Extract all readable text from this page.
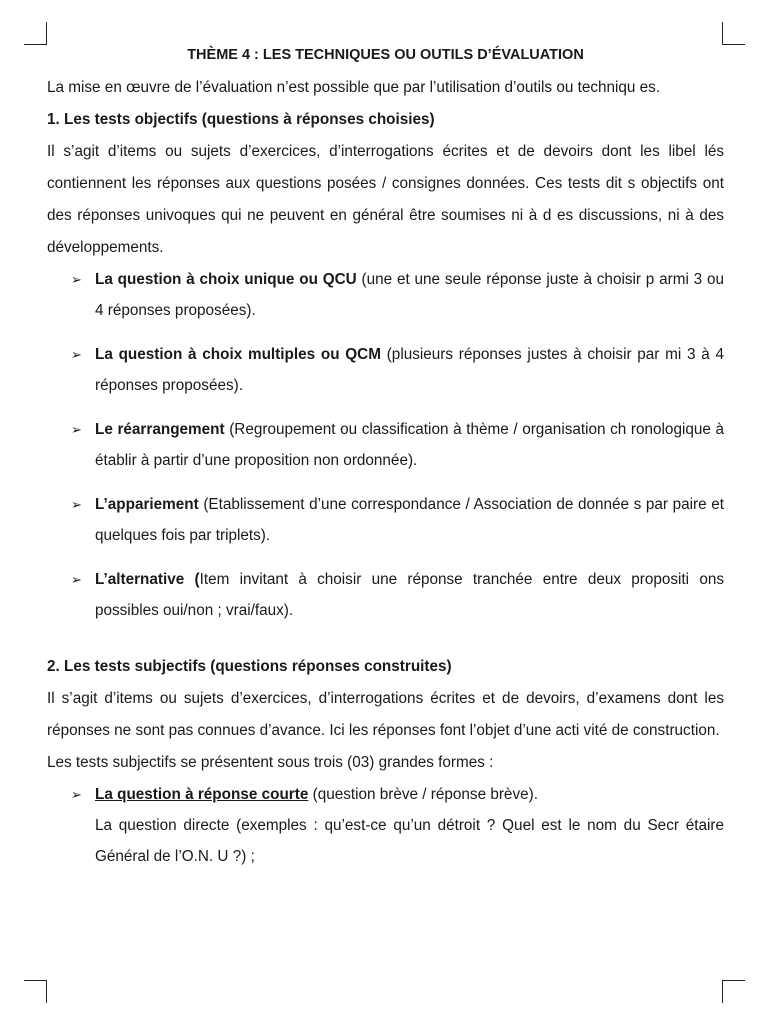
THÈME 4 : LES TECHNIQUES OU OUTILS D’ÉVALUATION

La mise en œuvre de l’évaluation n’est possible que par l’utilisation d’outils ou techniqu es.

1. Les tests objectifs (questions à réponses choisies)

Il s’agit d’items ou sujets d’exercices, d’interrogations écrites et de devoirs dont les libel lés contiennent les réponses aux questions posées / consignes données. Ces tests dit s objectifs ont des réponses univoques qui ne peuvent en général être soumises ni à d es discussions, ni à des développements.

➢ La question à choix unique ou QCU (une et une seule réponse juste à choisir p armi 3 ou 4 réponses proposées).
➢ La question à choix multiples ou QCM (plusieurs réponses justes à choisir par mi 3 à 4 réponses proposées).
➢ Le réarrangement (Regroupement ou classification à thème / organisation ch ronologique à établir à partir d’une proposition non ordonnée).
➢ L’appariement (Etablissement d’une correspondance / Association de donnée s par paire et quelques fois par triplets).
➢ L’alternative (Item invitant à choisir une réponse tranchée entre deux propositi ons possibles oui/non ; vrai/faux).
2. Les tests subjectifs (questions réponses construites)

Il s’agit d’items ou sujets d’exercices, d’interrogations écrites et de devoirs, d’examens dont les réponses ne sont pas connues d’avance. Ici les réponses font l’objet d’une acti vité de construction.

Les tests subjectifs se présentent sous trois (03) grandes formes :

➢ La question à réponse courte (question brève / réponse brève).
La question directe (exemples : qu’est-ce qu’un détroit ? Quel est le nom du Secr étaire Général de l’O.N. U ?) ;
